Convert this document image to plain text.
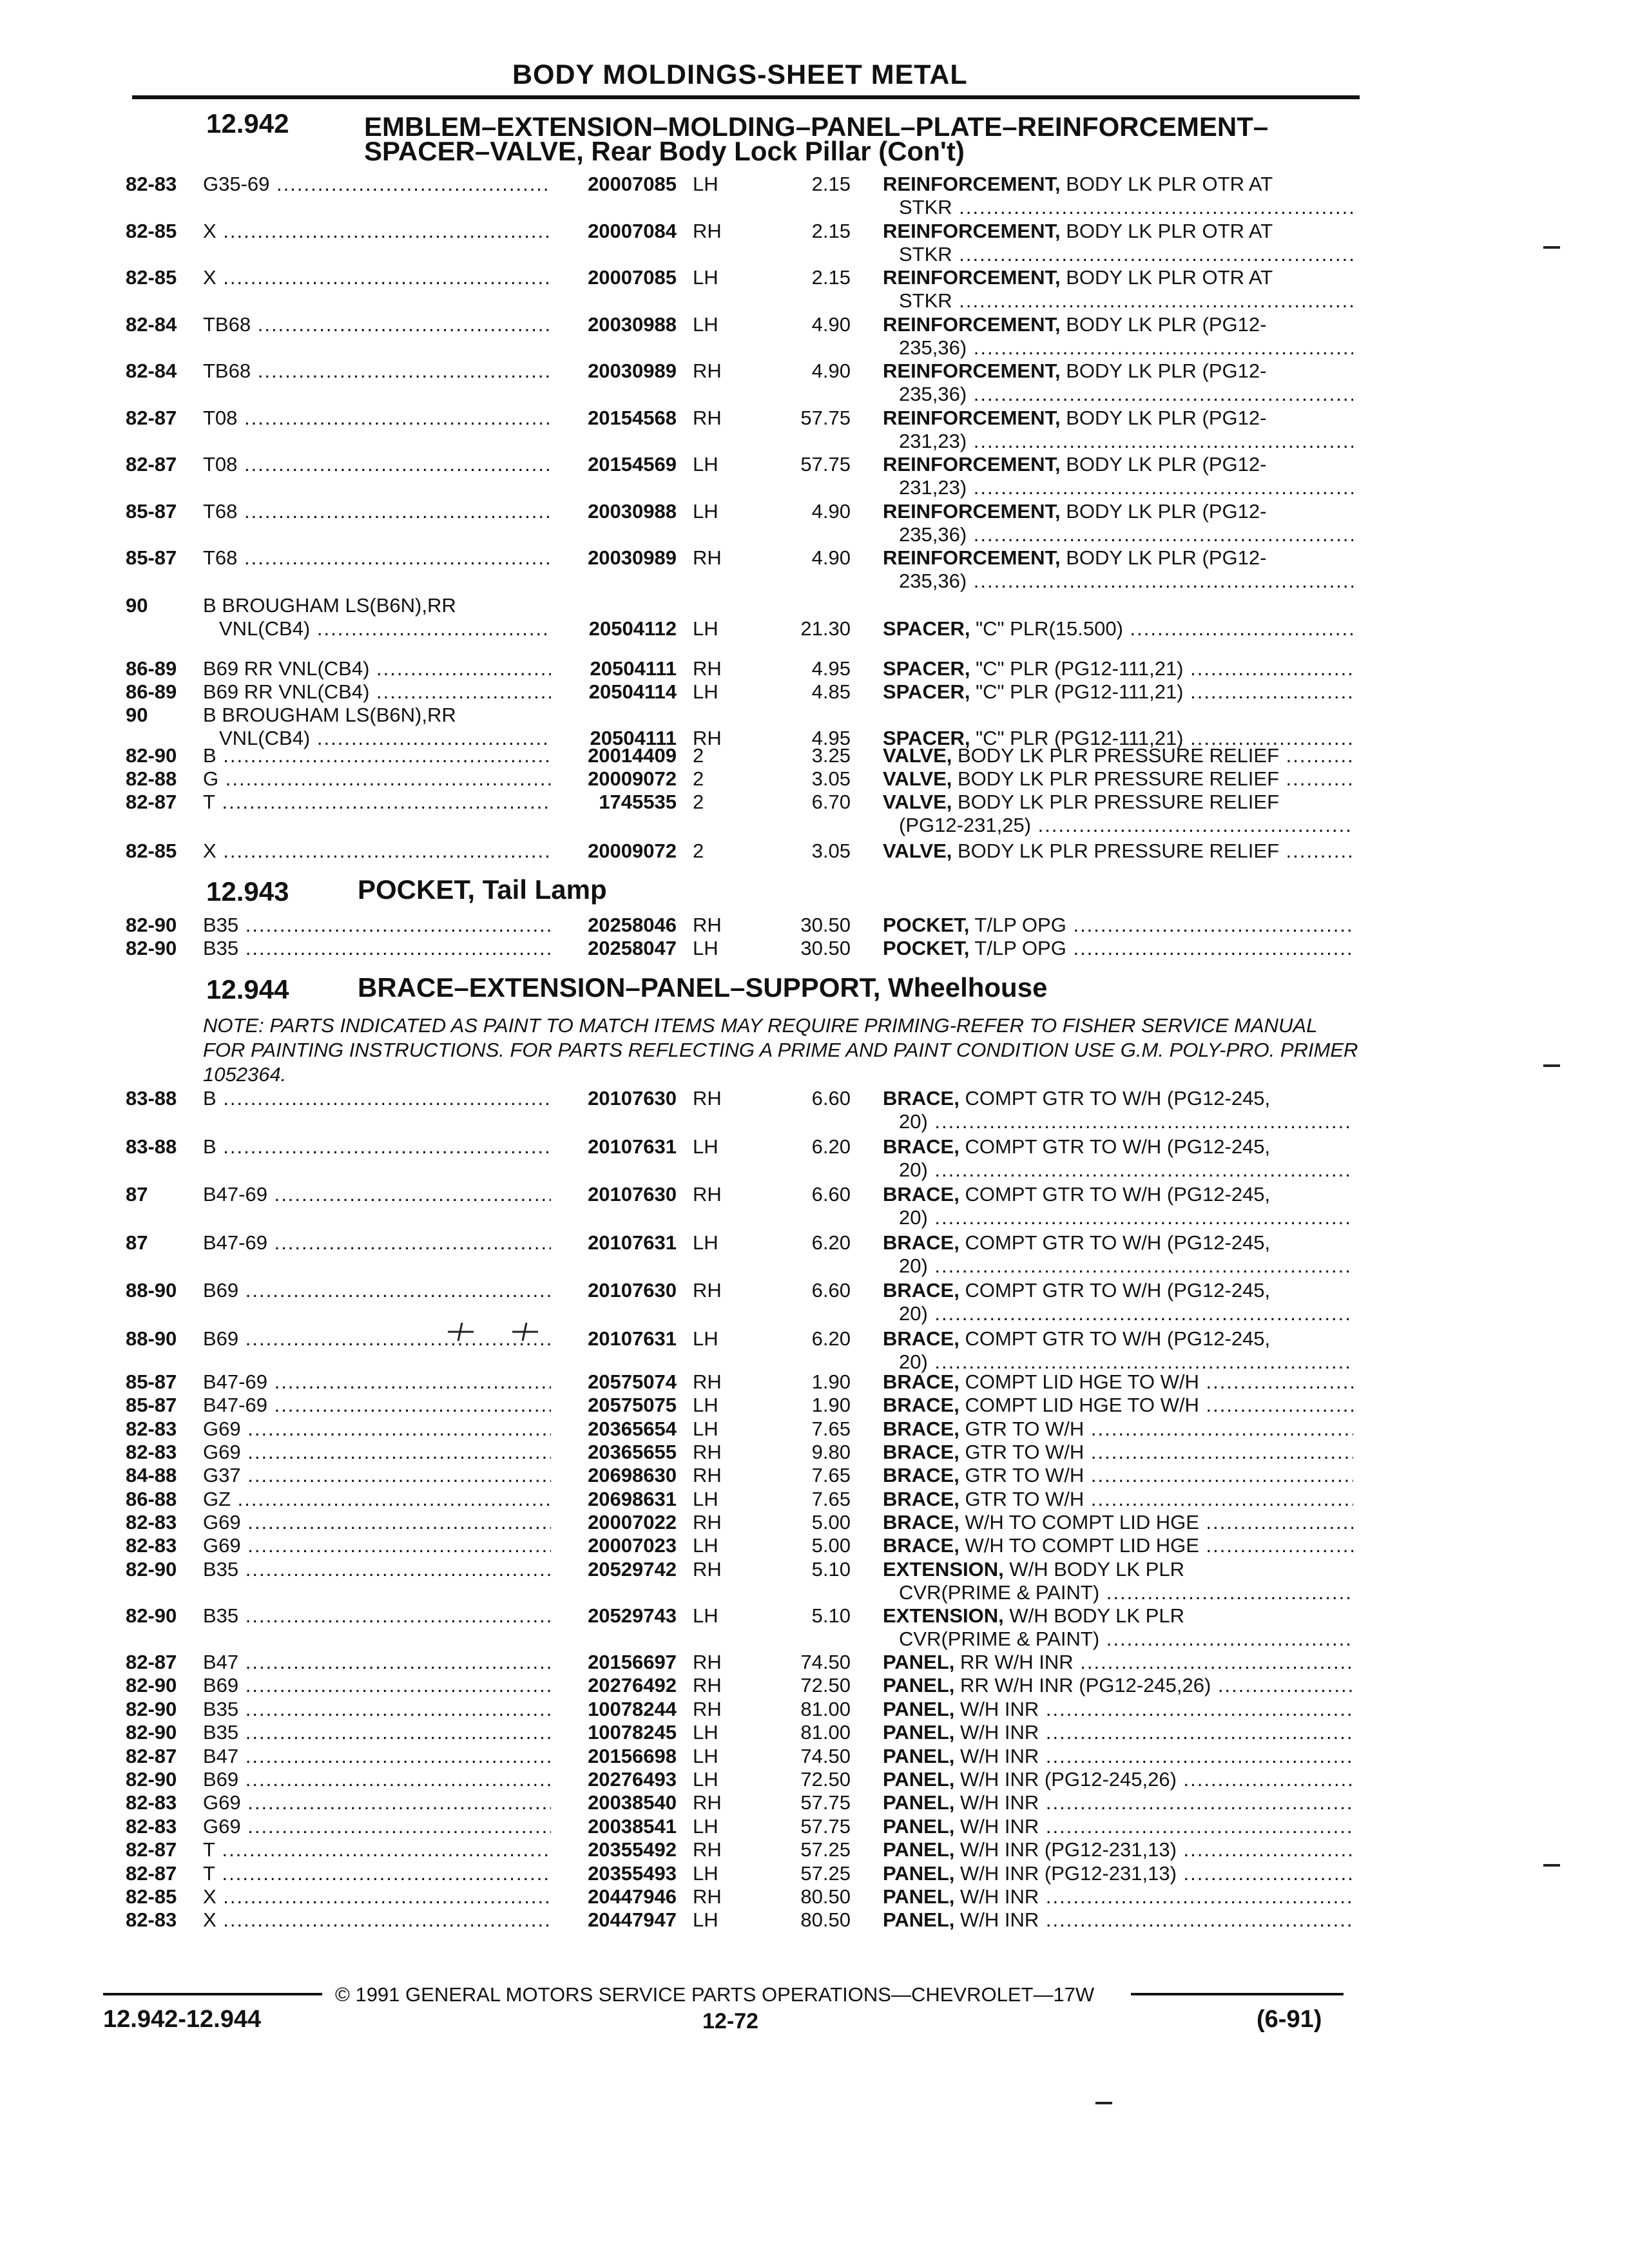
BODY MOLDINGS-SHEET METAL
12.942	EMBLEM–EXTENSION–MOLDING–PANEL–PLATE–REINFORCEMENT–
SPACER–VALVE, Rear Body Lock Pillar (Con't)
82-83 G35-69 .....	20007085 LH	2.15 REINFORCEMENT, BODY LK PLR OTR AT
STKR .....
82-85 X .....	20007084 RH	2.15 REINFORCEMENT, BODY LK PLR OTR AT
STKR .....
82-85 X .....	20007085 LH	2.15 REINFORCEMENT, BODY LK PLR OTR AT
STKR .....
82-84 TB68 .....	20030988 LH	4.90 REINFORCEMENT, BODY LK PLR (PG12-
235,36) .....
82-84 TB68 .....	20030989 RH	4.90 REINFORCEMENT, BODY LK PLR (PG12-
235,36) .....
82-87 T08 .....	20154568 RH	57.75 REINFORCEMENT, BODY LK PLR (PG12-
231,23) .....
82-87 T08 .....	20154569 LH	57.75 REINFORCEMENT, BODY LK PLR (PG12-
231,23) .....
85-87 T68 .....	20030988 LH	4.90 REINFORCEMENT, BODY LK PLR (PG12-
235,36) .....
85-87 T68 .....	20030989 RH	4.90 REINFORCEMENT, BODY LK PLR (PG12-
235,36) .....
90	B BROUGHAM LS(B6N),RR
VNL(CB4) .....	20504112 LH	21.30 SPACER, "C" PLR(15.500) .....
86-89 B69 RR VNL(CB4) .....	20504111 RH	4.95 SPACER, "C" PLR (PG12-111,21) .....
86-89 B69 RR VNL(CB4) .....	20504114 LH	4.85 SPACER, "C" PLR (PG12-111,21) .....
90	B BROUGHAM LS(B6N),RR
VNL(CB4) .....	20504111 RH	4.95 SPACER, "C" PLR (PG12-111,21) .....
82-90 B .....	20014409 2	3.25 VALVE, BODY LK PLR PRESSURE RELIEF .....
82-88 G .....	20009072 2	3.05 VALVE, BODY LK PLR PRESSURE RELIEF .....
82-87 T .....	1745535 2	6.70 VALVE, BODY LK PLR PRESSURE RELIEF
(PG12-231,25) .....
82-85 X .....	20009072 2	3.05 VALVE, BODY LK PLR PRESSURE RELIEF .....
12.943	POCKET, Tail Lamp
82-90 B35 .....	20258046 RH	30.50 POCKET, T/LP OPG .....
82-90 B35 .....	20258047 LH	30.50 POCKET, T/LP OPG .....
12.944	BRACE–EXTENSION–PANEL–SUPPORT, Wheelhouse
NOTE: PARTS INDICATED AS PAINT TO MATCH ITEMS MAY REQUIRE PRIMING-REFER TO FISHER SERVICE MANUAL FOR PAINTING INSTRUCTIONS. FOR PARTS REFLECTING A PRIME AND PAINT CONDITION USE G.M. POLY-PRO. PRIMER 1052364.
83-88 B .....	20107630 RH	6.60 BRACE, COMPT GTR TO W/H (PG12-245,
20) .....
83-88 B .....	20107631 LH	6.20 BRACE, COMPT GTR TO W/H (PG12-245,
20) .....
87	B47-69 .....	20107630 RH	6.60 BRACE, COMPT GTR TO W/H (PG12-245,
20) .....
87	B47-69 .....	20107631 LH	6.20 BRACE, COMPT GTR TO W/H (PG12-245,
20) .....
88-90 B69 .....	20107630 RH	6.60 BRACE, COMPT GTR TO W/H (PG12-245,
20) .....
88-90 B69 .....	20107631 LH	6.20 BRACE, COMPT GTR TO W/H (PG12-245,
20) .....
85-87 B47-69 .....	20575074 RH	1.90 BRACE, COMPT LID HGE TO W/H .....
85-87 B47-69 .....	20575075 LH	1.90 BRACE, COMPT LID HGE TO W/H .....
82-83 G69 .....	20365654 LH	7.65 BRACE, GTR TO W/H .....
82-83 G69 .....	20365655 RH	9.80 BRACE, GTR TO W/H .....
84-88 G37 .....	20698630 RH	7.65 BRACE, GTR TO W/H .....
86-88 GZ .....	20698631 LH	7.65 BRACE, GTR TO W/H .....
82-83 G69 .....	20007022 RH	5.00 BRACE, W/H TO COMPT LID HGE .....
82-83 G69 .....	20007023 LH	5.00 BRACE, W/H TO COMPT LID HGE .....
82-90 B35 .....	20529742 RH	5.10 EXTENSION, W/H BODY LK PLR
CVR(PRIME & PAINT) .....
82-90 B35 .....	20529743 LH	5.10 EXTENSION, W/H BODY LK PLR
CVR(PRIME & PAINT) .....
82-87 B47 .....	20156697 RH	74.50 PANEL, RR W/H INR .....
82-90 B69 .....	20276492 RH	72.50 PANEL, RR W/H INR (PG12-245,26) .....
82-90 B35 .....	10078244 RH	81.00 PANEL, W/H INR .....
82-90 B35 .....	10078245 LH	81.00 PANEL, W/H INR .....
82-87 B47 .....	20156698 LH	74.50 PANEL, W/H INR .....
82-90 B69 .....	20276493 LH	72.50 PANEL, W/H INR (PG12-245,26) .....
82-83 G69 .....	20038540 RH	57.75 PANEL, W/H INR .....
82-83 G69 .....	20038541 LH	57.75 PANEL, W/H INR .....
82-87 T .....	20355492 RH	57.25 PANEL, W/H INR (PG12-231,13) .....
82-87 T .....	20355493 LH	57.25 PANEL, W/H INR (PG12-231,13) .....
82-85 X .....	20447946 RH	80.50 PANEL, W/H INR .....
82-83 X .....	20447947 LH	80.50 PANEL, W/H INR .....
© 1991 GENERAL MOTORS SERVICE PARTS OPERATIONS—CHEVROLET—17W
12.942-12.944	12-72	(6-91)
